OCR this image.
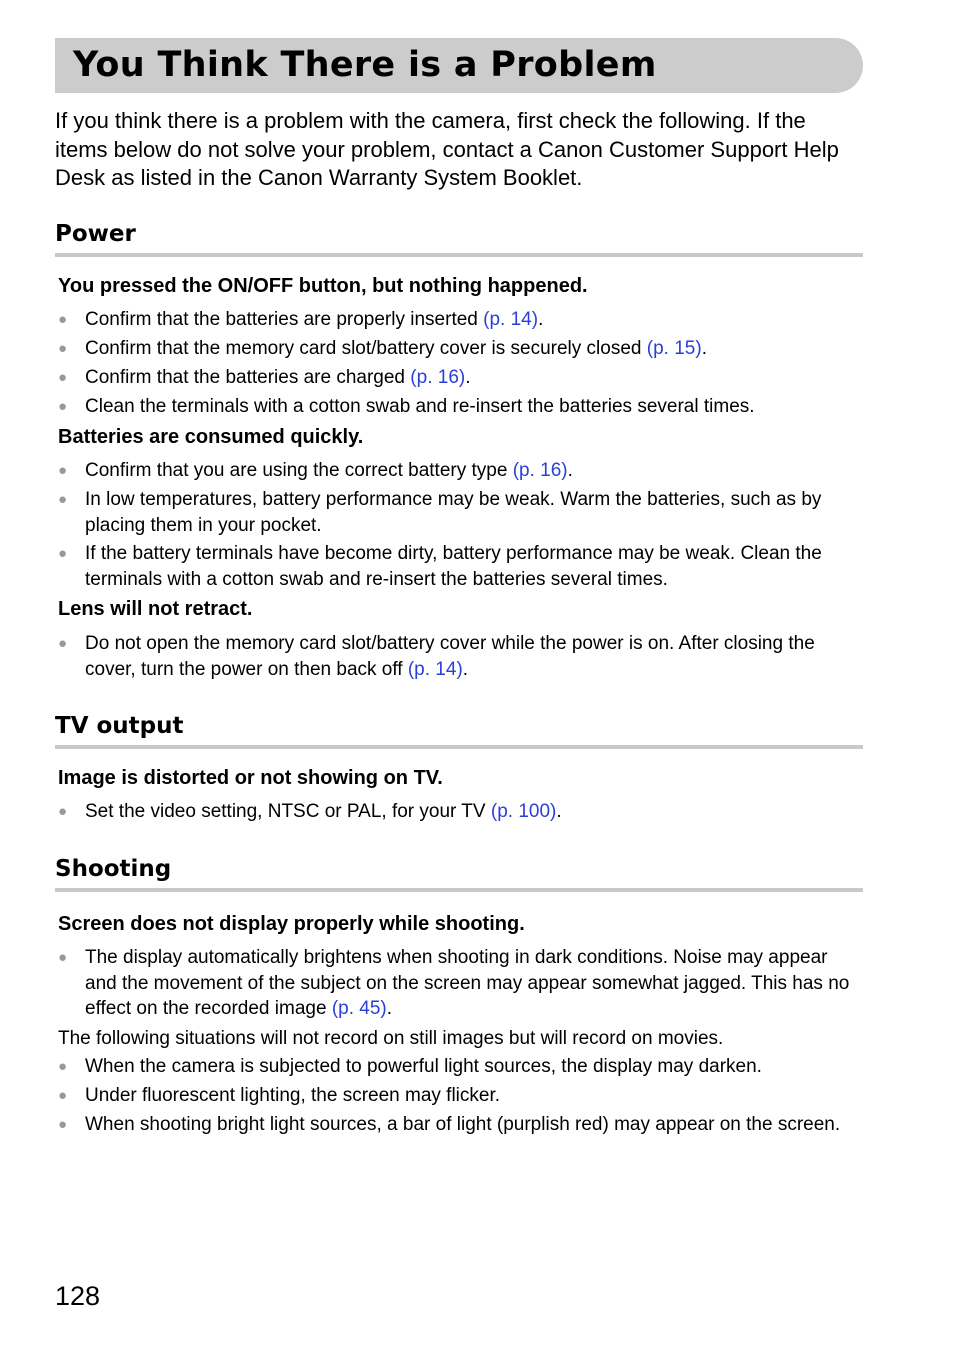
You Think There is a Problem

If you think there is a problem with the camera, first check the following. If the items below do not solve your problem, contact a Canon Customer Support Help Desk as listed in the Canon Warranty System Booklet.

Power
You pressed the ON/OFF button, but nothing happened.
● Confirm that the batteries are properly inserted (p. 14).
● Confirm that the memory card slot/battery cover is securely closed (p. 15).
● Confirm that the batteries are charged (p. 16).
● Clean the terminals with a cotton swab and re-insert the batteries several times.
Batteries are consumed quickly.
● Confirm that you are using the correct battery type (p. 16).
● In low temperatures, battery performance may be weak. Warm the batteries, such as by placing them in your pocket.
● If the battery terminals have become dirty, battery performance may be weak. Clean the terminals with a cotton swab and re-insert the batteries several times.
Lens will not retract.
● Do not open the memory card slot/battery cover while the power is on. After closing the cover, turn the power on then back off (p. 14).
TV output
Image is distorted or not showing on TV.
● Set the video setting, NTSC or PAL, for your TV (p. 100).
Shooting
Screen does not display properly while shooting.
● The display automatically brightens when shooting in dark conditions. Noise may appear and the movement of the subject on the screen may appear somewhat jagged. This has no effect on the recorded image (p. 45).

The following situations will not record on still images but will record on movies.

● When the camera is subjected to powerful light sources, the display may darken.
● Under fluorescent lighting, the screen may flicker.
● When shooting bright light sources, a bar of light (purplish red) may appear on the screen.
128
